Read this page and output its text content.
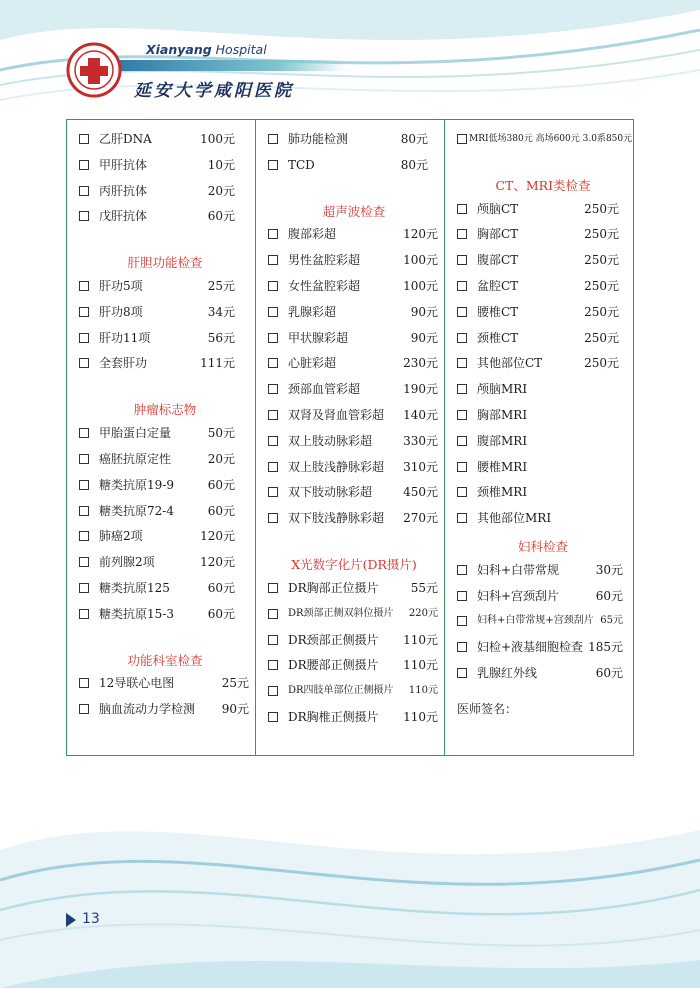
Xianyang Hospital
延安大学咸阳医院
乙肝DNA	100元
甲肝抗体	10元
丙肝抗体	20元
戊肝抗体	60元
肝胆功能检查
肝功5项	25元
肝功8项	34元
肝功11项	56元
全套肝功	111元
肿瘤标志物
甲胎蛋白定量	50元
癌胚抗原定性	20元
糖类抗原19-9	60元
糖类抗原72-4	60元
肺癌2项	120元
前列腺2项	120元
糖类抗原125	60元
糖类抗原15-3	60元
功能科室检查
12导联心电图	25元
脑血流动力学检测 90元
肺功能检测	80元
TCD	80元
超声波检查
腹部彩超	120元
男性盆腔彩超	100元
女性盆腔彩超	100元
乳腺彩超	90元
甲状腺彩超	90元
心脏彩超	230元
颈部血管彩超	190元
双肾及肾血管彩超 140元
双上肢动脉彩超	330元
双上肢浅静脉彩超 310元
双下肢动脉彩超	450元
双下肢浅静脉彩超 270元
X光数字化片(DR摄片)
DR胸部正位摄片	55元
DR颈部正侧双斜位摄片 220元
DR颈部正侧摄片 110元
DR腰部正侧摄片 110元
DR四肢单部位正侧摄片 110元
DR胸椎正侧摄片 110元
MRI低场380元 高场600元 3.0系850元
CT、MRI类检查
颅脑CT	250元
胸部CT	250元
腹部CT	250元
盆腔CT	250元
腰椎CT	250元
颈椎CT	250元
其他部位CT	250元
颅脑MRI
胸部MRI
腹部MRI
腰椎MRI
颈椎MRI
其他部位MRI
妇科检查
妇科+白带常规	30元
妇科+宫颈刮片	60元
妇科+白带常规+宫颈刮片 65元
妇检+液基细胞检查 185元
乳腺红外线	60元
医师签名：
13
